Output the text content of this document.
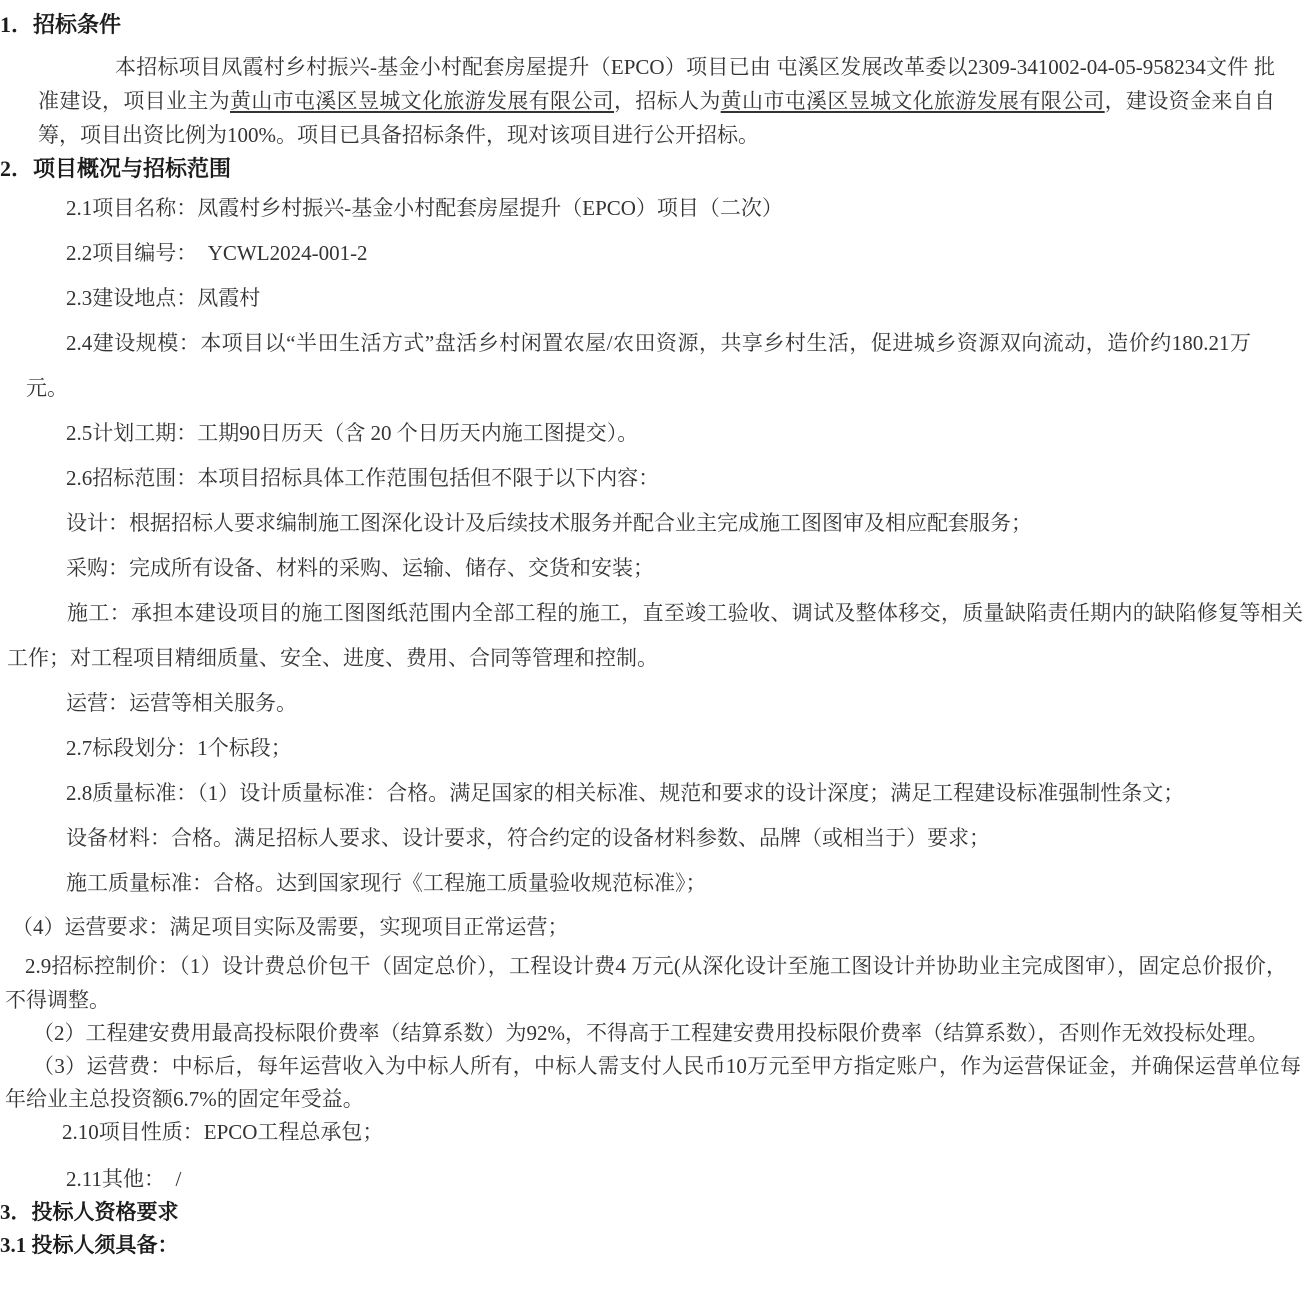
1．招标条件

本招标项目凤霞村乡村振兴-基金小村配套房屋提升（EPCO）项目已由 屯溪区发展改革委以2309-341002-04-05-958234文件 批准建设，项目业主为黄山市屯溪区昱城文化旅游发展有限公司，招标人为黄山市屯溪区昱城文化旅游发展有限公司，建设资金来自自筹，项目出资比例为100%。项目已具备招标条件，现对该项目进行公开招标。

2．项目概况与招标范围

2.1项目名称：凤霞村乡村振兴-基金小村配套房屋提升（EPCO）项目（二次）

2.2项目编号：  YCWL2024-001-2

2.3建设地点：凤霞村

2.4建设规模：本项目以“半田生活方式”盘活乡村闲置农屋/农田资源，共享乡村生活，促进城乡资源双向流动，造价约180.21万元。

2.5计划工期：工期90日历天（含 20 个日历天内施工图提交）。

2.6招标范围：本项目招标具体工作范围包括但不限于以下内容：

设计：根据招标人要求编制施工图深化设计及后续技术服务并配合业主完成施工图图审及相应配套服务；

采购：完成所有设备、材料的采购、运输、储存、交货和安装；

施工：承担本建设项目的施工图图纸范围内全部工程的施工，直至竣工验收、调试及整体移交，质量缺陷责任期内的缺陷修复等相关工作；对工程项目精细质量、安全、进度、费用、合同等管理和控制。

运营：运营等相关服务。

2.7标段划分：1个标段；

2.8质量标准：（1）设计质量标准：合格。满足国家的相关标准、规范和要求的设计深度；满足工程建设标准强制性条文；

设备材料：合格。满足招标人要求、设计要求，符合约定的设备材料参数、品牌（或相当于）要求；

施工质量标准：合格。达到国家现行《工程施工质量验收规范标准》；

（4）运营要求：满足项目实际及需要，实现项目正常运营；

2.9招标控制价：（1）设计费总价包干（固定总价），工程设计费4 万元(从深化设计至施工图设计并协助业主完成图审），固定总价报价，不得调整。

（2）工程建安费用最高投标限价费率（结算系数）为92%，不得高于工程建安费用投标限价费率（结算系数），否则作无效投标处理。

（3）运营费：中标后，每年运营收入为中标人所有，中标人需支付人民币10万元至甲方指定账户，作为运营保证金，并确保运营单位每年给业主总投资额6.7%的固定年受益。

2.10项目性质：EPCO工程总承包；

2.11其他：　/

3．投标人资格要求
3.1 投标人须具备：
